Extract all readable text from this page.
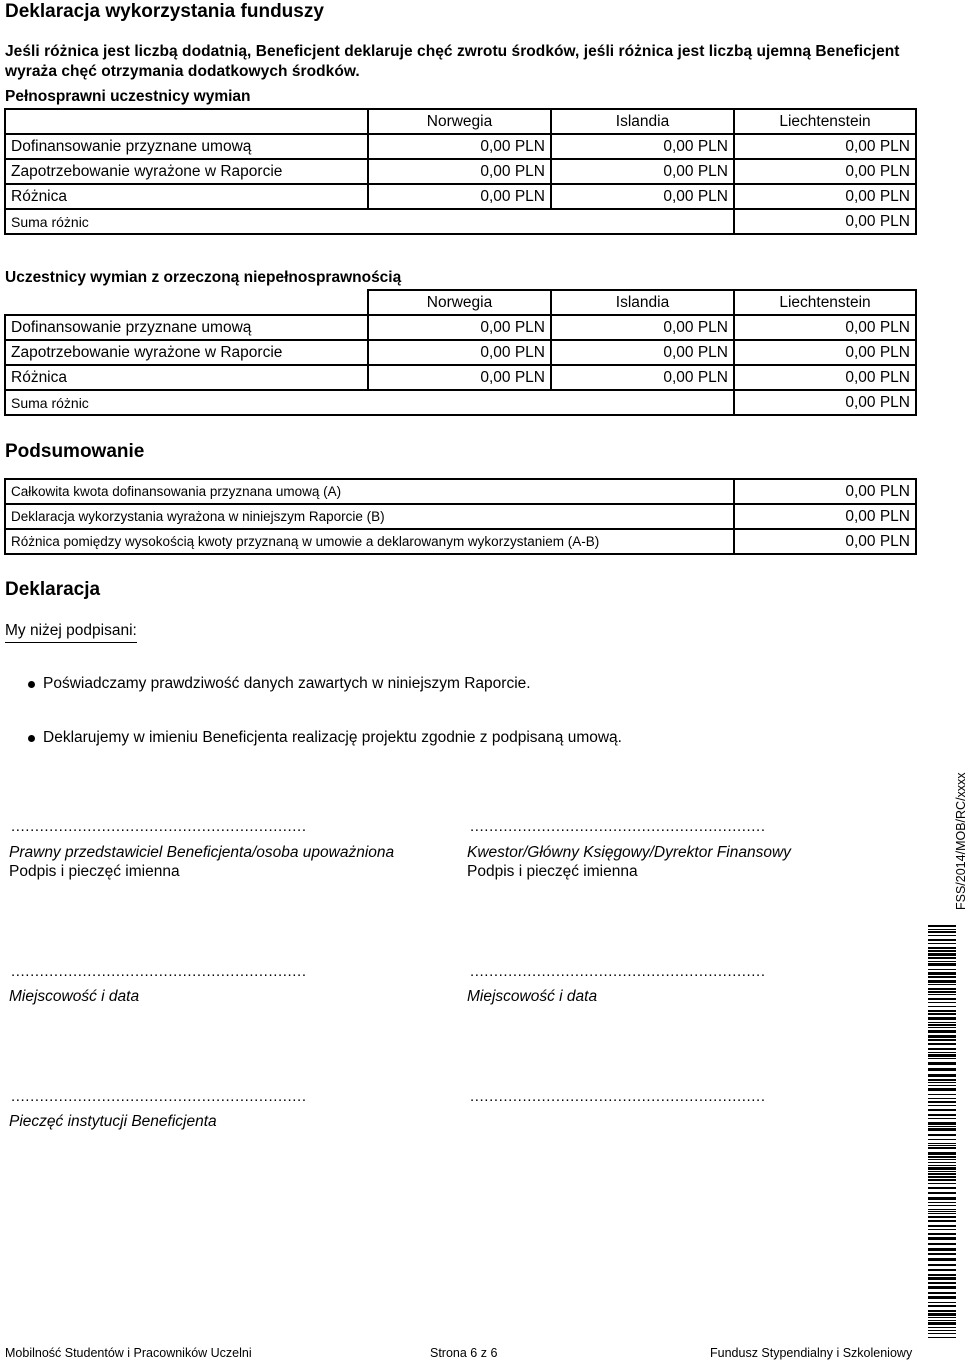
Deklaracja wykorzystania funduszy
Jeśli różnica jest liczbą dodatnią, Beneficjent deklaruje chęć zwrotu środków, jeśli różnica jest liczbą ujemną Beneficjent wyraża chęć otrzymania dodatkowych środków.
Pełnosprawni uczestnicy wymian
	Norwegia	Islandia	Liechtenstein
Dofinansowanie przyznane umową	0,00 PLN	0,00 PLN	0,00 PLN
Zapotrzebowanie wyrażone w Raporcie	0,00 PLN	0,00 PLN	0,00 PLN
Różnica	0,00 PLN	0,00 PLN	0,00 PLN
Suma różnic			0,00 PLN
Uczestnicy wymian z orzeczoną niepełnosprawnością
	Norwegia	Islandia	Liechtenstein
Dofinansowanie przyznane umową	0,00 PLN	0,00 PLN	0,00 PLN
Zapotrzebowanie wyrażone w Raporcie	0,00 PLN	0,00 PLN	0,00 PLN
Różnica	0,00 PLN	0,00 PLN	0,00 PLN
Suma różnic			0,00 PLN
Podsumowanie
Całkowita kwota dofinansowania przyznana umową (A)	0,00 PLN
Deklaracja wykorzystania wyrażona w niniejszym Raporcie (B)	0,00 PLN
Różnica pomiędzy wysokością kwoty przyznaną w umowie a deklarowanym wykorzystaniem (A-B)	0,00 PLN
Deklaracja
My niżej podpisani:
Poświadczamy prawdziwość danych zawartych w niniejszym Raporcie.
Deklarujemy w imieniu Beneficjenta realizację projektu zgodnie z podpisaną umową.
..............................................................	..............................................................
Prawny przedstawiciel Beneficjenta/osoba upoważniona
Podpis i pieczęć imienna
Kwestor/Główny Księgowy/Dyrektor Finansowy
Podpis i pieczęć imienna
..............................................................	..............................................................
Miejscowość i data	Miejscowość i data
..............................................................	..............................................................
Pieczęć instytucji Beneficjenta
FSS/2014/MOB/RC/xxxx
Mobilność Studentów i Pracowników Uczelni	Strona 6 z 6	Fundusz Stypendialny i Szkoleniowy
